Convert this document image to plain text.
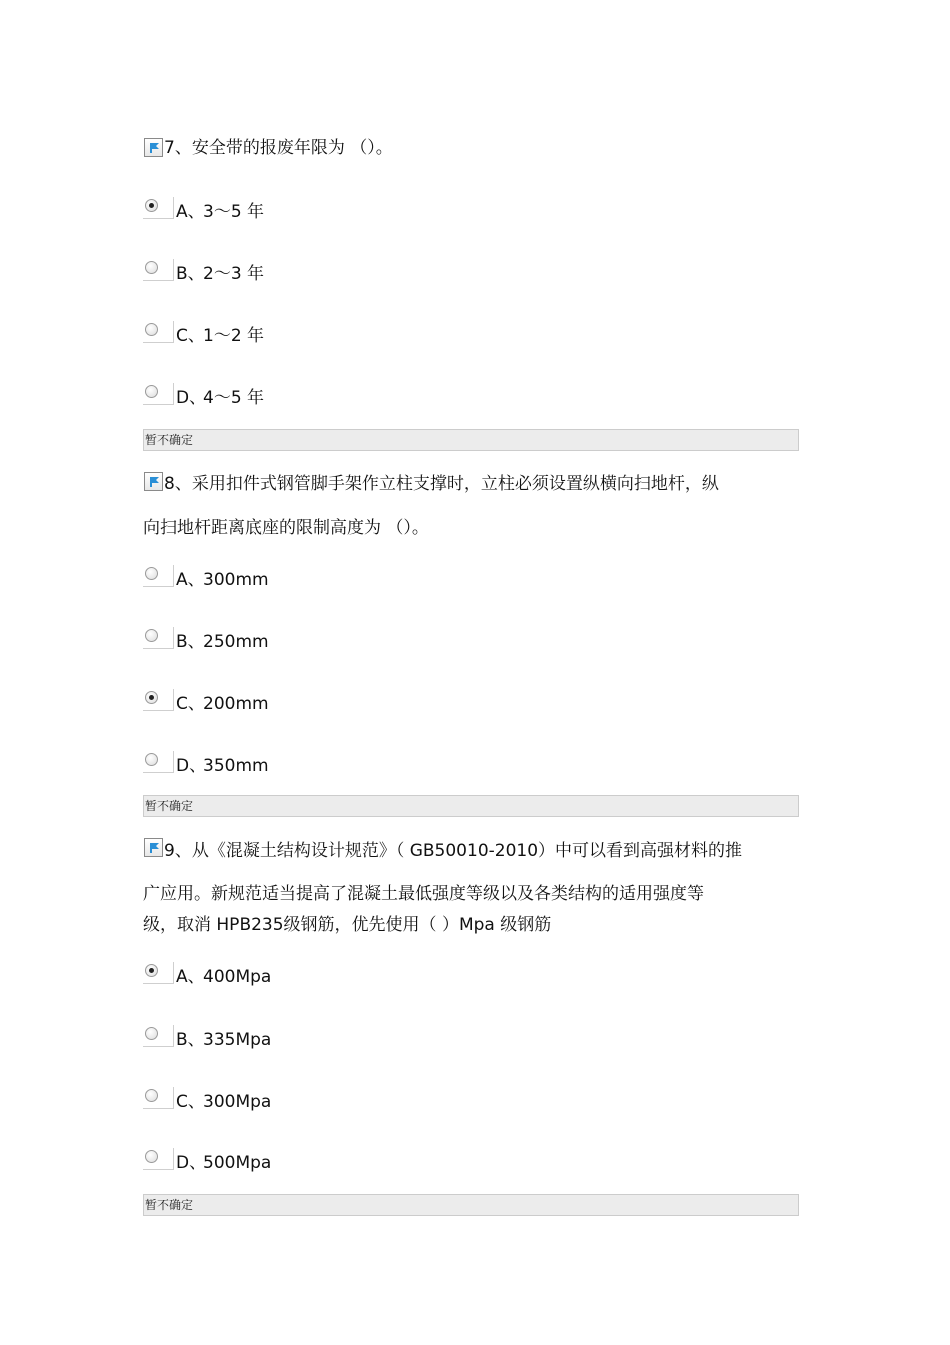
7、安全带的报废年限为 （）。
A、3～5 年
B、2～3 年
C、1～2 年
D、4～5 年
暂不确定
8、采用扣件式钢管脚手架作立柱支撑时，立柱必须设置纵横向扫地杆，纵
向扫地杆距离底座的限制高度为 （）。
A、300mm
B、250mm
C、200mm
D、350mm
暂不确定
9、从《混凝土结构设计规范》（ GB50010-2010）中可以看到高强材料的推
广应用。新规范适当提高了混凝土最低强度等级以及各类结构的适用强度等
级，取消 HPB235级钢筋，优先使用（ ）Mpa 级钢筋
A、400Mpa
B、335Mpa
C、300Mpa
D、500Mpa
暂不确定
